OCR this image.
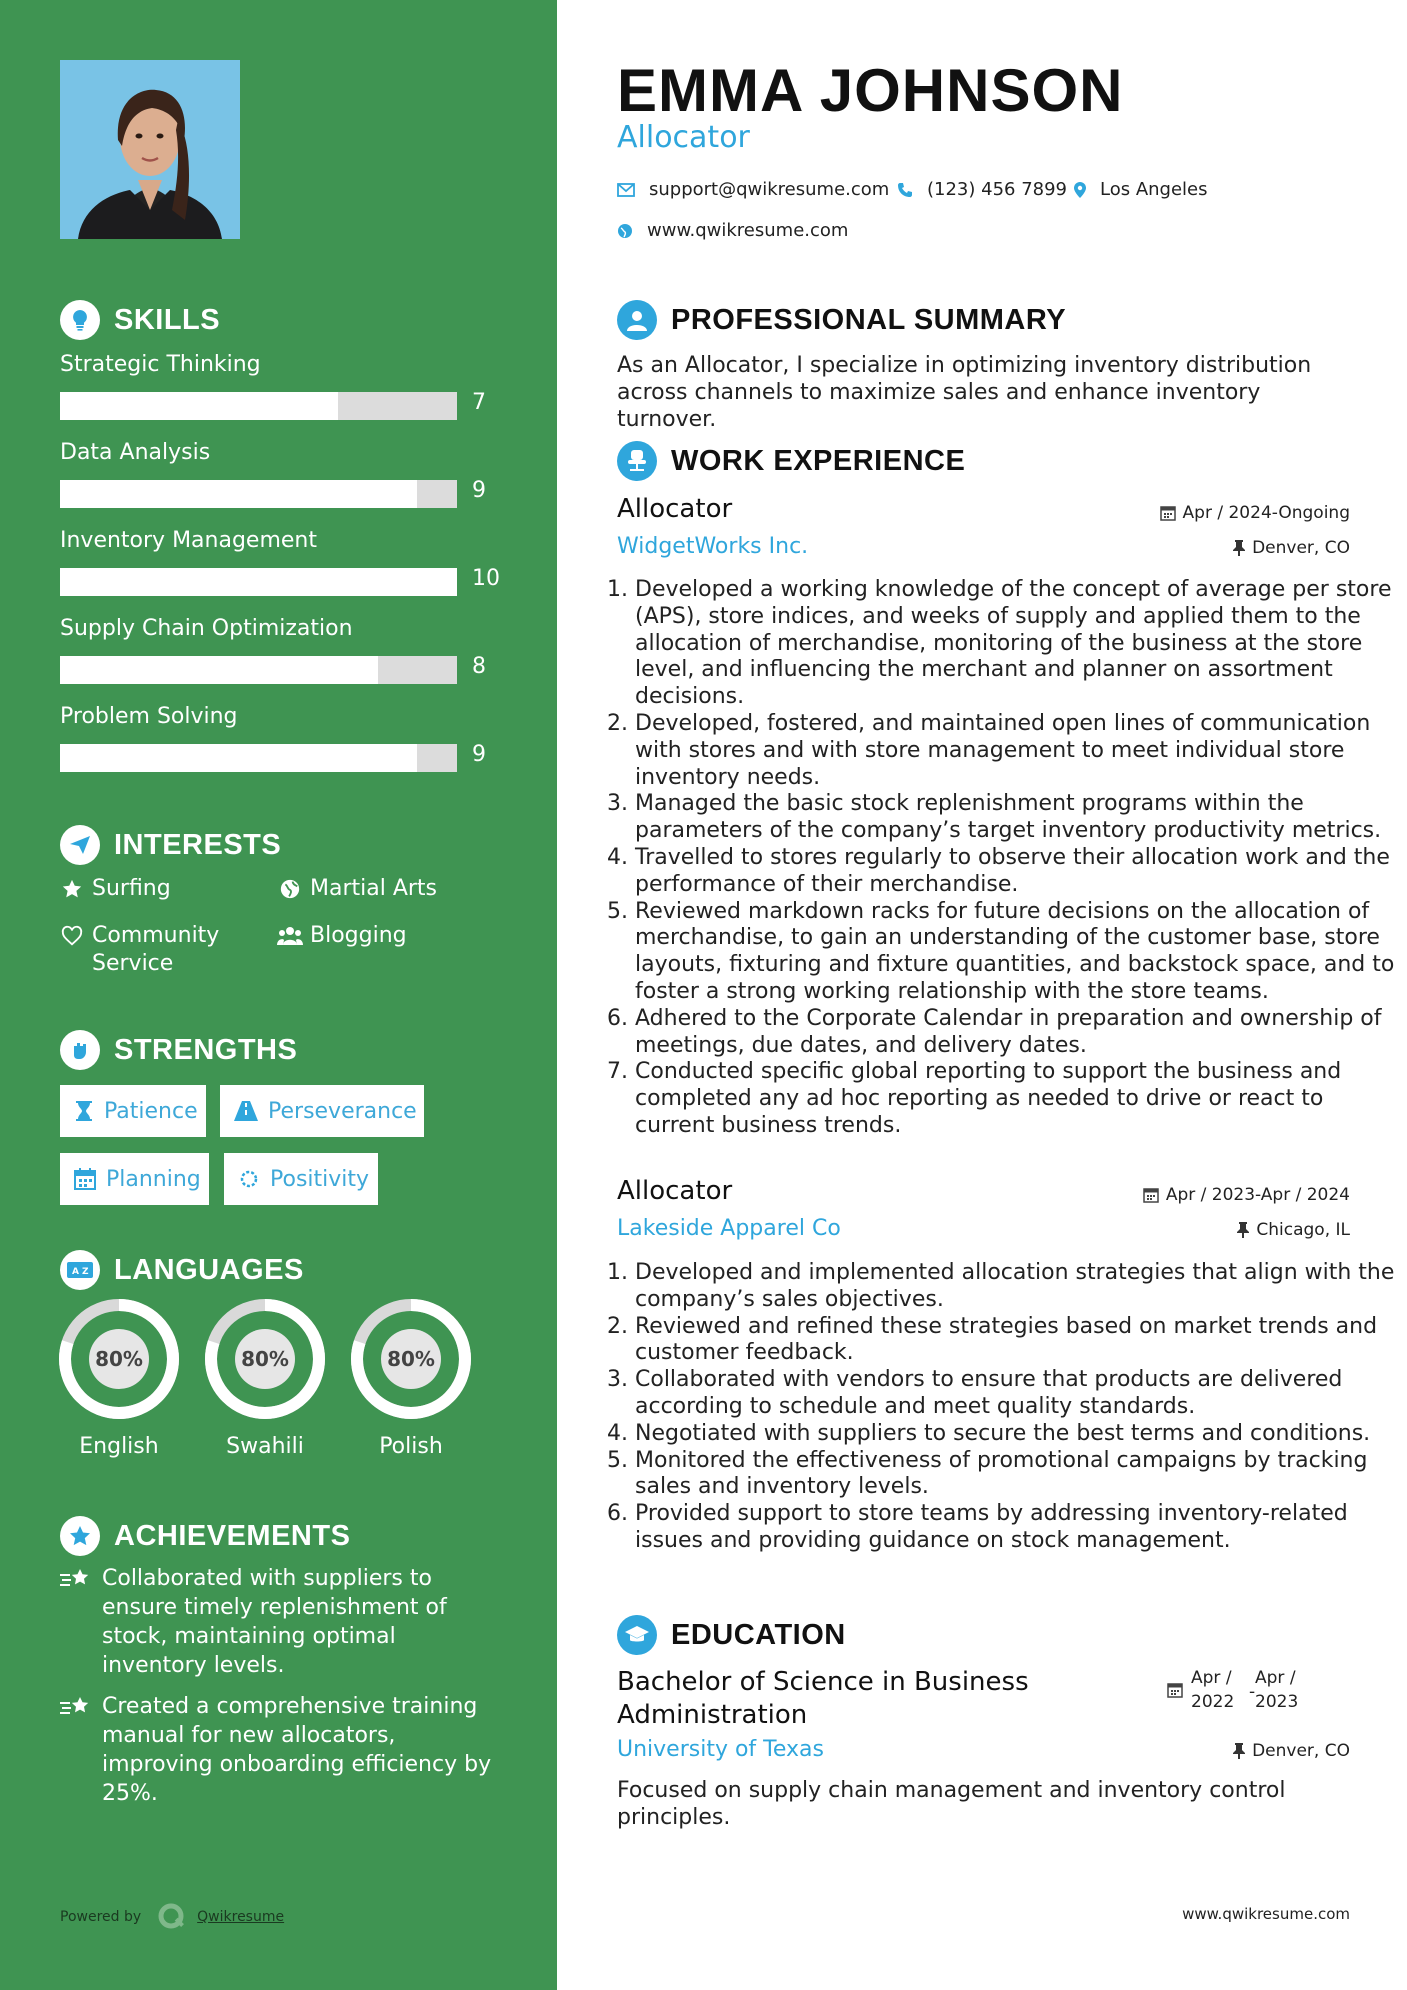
SKILLS
Strategic Thinking
7
Data Analysis
9
Inventory Management
10
Supply Chain Optimization
8
Problem Solving
9
INTERESTS
Surfing	Martial Arts
Community Service
Blogging
STRENGTHS
Patience	Perseverance
Planning	Positivity
A Z LANGUAGES
80%
English
80%
Swahili
80%
Polish
ACHIEVEMENTS
Collaborated with suppliers to ensure timely replenishment of stock, maintaining optimal inventory levels.
Created a comprehensive training manual for new allocators, improving onboarding efficiency by 25%.
Powered by	Qwikresume
EMMA JOHNSON
Allocator
support@qwikresume.com (123) 456 7899 Los Angeles
www.qwikresume.com
PROFESSIONAL SUMMARY
As an Allocator, I specialize in optimizing inventory distribution across channels to maximize sales and enhance inventory turnover.
WORK EXPERIENCE
Allocator	Apr / 2024-Ongoing
WidgetWorks Inc.	Denver, CO
1. Developed a working knowledge of the concept of average per store (APS), store indices, and weeks of supply and applied them to the allocation of merchandise, monitoring of the business at the store level, and influencing the merchant and planner on assortment decisions.
2. Developed, fostered, and maintained open lines of communication with stores and with store management to meet individual store inventory needs.
3. Managed the basic stock replenishment programs within the parameters of the company’s target inventory productivity metrics.
4. Travelled to stores regularly to observe their allocation work and the performance of their merchandise.
5. Reviewed markdown racks for future decisions on the allocation of merchandise, to gain an understanding of the customer base, store layouts, fixturing and fixture quantities, and backstock space, and to foster a strong working relationship with the store teams.
6. Adhered to the Corporate Calendar in preparation and ownership of meetings, due dates, and delivery dates.
7. Conducted specific global reporting to support the business and completed any ad hoc reporting as needed to drive or react to current business trends.
Allocator	Apr / 2023-Apr / 2024
Lakeside Apparel Co	Chicago, IL
1. Developed and implemented allocation strategies that align with the company’s sales objectives.
2. Reviewed and refined these strategies based on market trends and customer feedback.
3. Collaborated with vendors to ensure that products are delivered according to schedule and meet quality standards.
4. Negotiated with suppliers to secure the best terms and conditions.
5. Monitored the effectiveness of promotional campaigns by tracking sales and inventory levels.
6. Provided support to store teams by addressing inventory-related issues and providing guidance on stock management.
EDUCATION
Bachelor of Science in Business
Administration
Apr /
2022 -
Apr /
2023
University of Texas	Denver, CO
Focused on supply chain management and inventory control principles.
www.qwikresume.com
